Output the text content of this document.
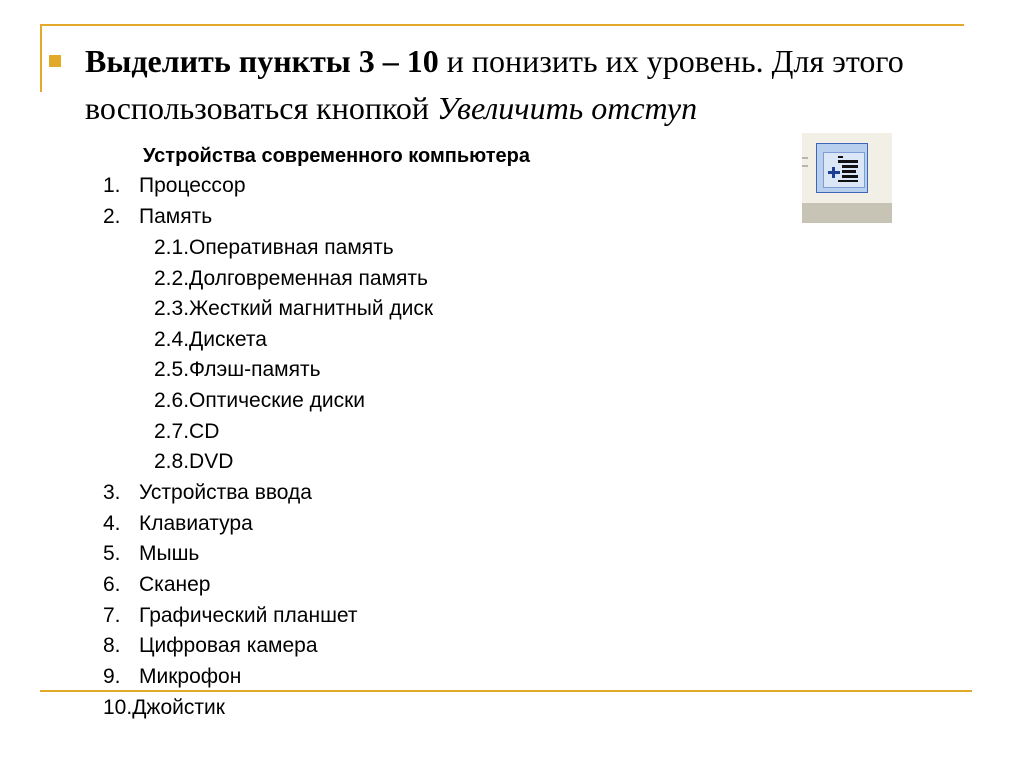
Выделить пункты 3 – 10 и понизить их уровень. Для этого воспользоваться кнопкой Увеличить отступ
Устройства современного компьютера
1. Процессор
2. Память
2.1.Оперативная память
2.2.Долговременная память
2.3.Жесткий магнитный диск
2.4.Дискета
2.5.Флэш-память
2.6.Оптические диски
2.7.CD
2.8.DVD
3. Устройства ввода
4. Клавиатура
5. Мышь
6. Сканер
7. Графический планшет
8. Цифровая камера
9. Микрофон
10.Джойстик
